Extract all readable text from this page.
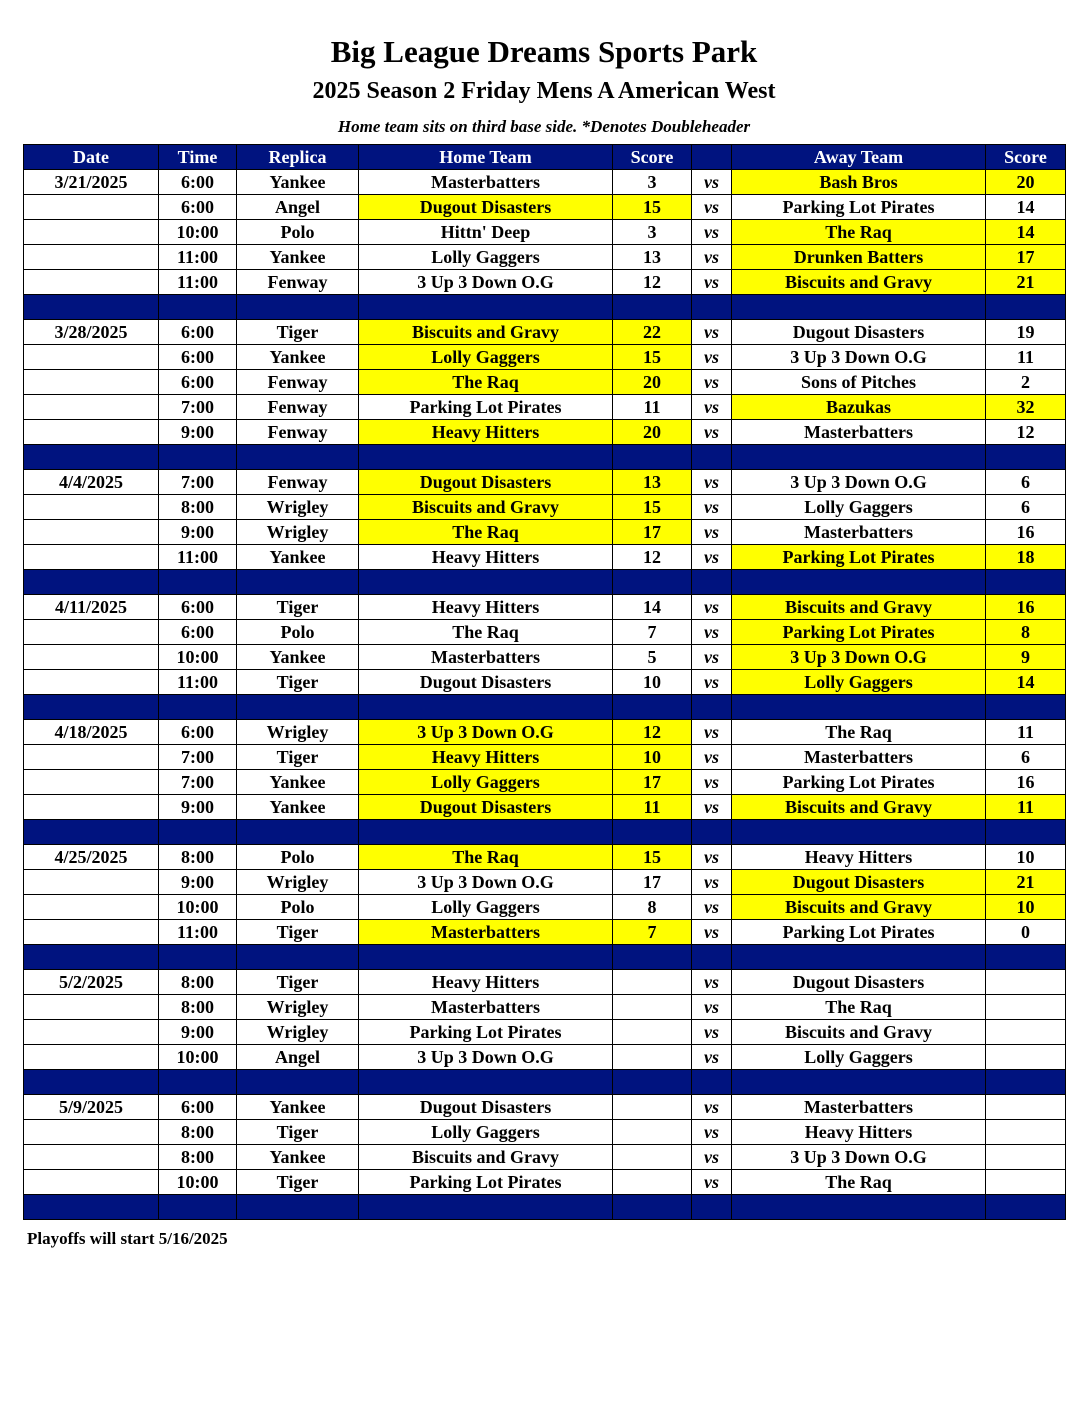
Big League Dreams Sports Park
2025 Season 2 Friday Mens A American West
Home team sits on third base side. *Denotes Doubleheader
Date	Time	Replica	Home Team	Score		Away Team	Score
3/21/2025	6:00	Yankee	Masterbatters	3	vs	Bash Bros	20
	6:00	Angel	Dugout Disasters	15	vs	Parking Lot Pirates	14
	10:00	Polo	Hittn' Deep	3	vs	The Raq	14
	11:00	Yankee	Lolly Gaggers	13	vs	Drunken Batters	17
	11:00	Fenway	3 Up 3 Down O.G	12	vs	Biscuits and Gravy	21

3/28/2025	6:00	Tiger	Biscuits and Gravy	22	vs	Dugout Disasters	19
	6:00	Yankee	Lolly Gaggers	15	vs	3 Up 3 Down O.G	11
	6:00	Fenway	The Raq	20	vs	Sons of Pitches	2
	7:00	Fenway	Parking Lot Pirates	11	vs	Bazukas	32
	9:00	Fenway	Heavy Hitters	20	vs	Masterbatters	12

4/4/2025	7:00	Fenway	Dugout Disasters	13	vs	3 Up 3 Down O.G	6
	8:00	Wrigley	Biscuits and Gravy	15	vs	Lolly Gaggers	6
	9:00	Wrigley	The Raq	17	vs	Masterbatters	16
	11:00	Yankee	Heavy Hitters	12	vs	Parking Lot Pirates	18

4/11/2025	6:00	Tiger	Heavy Hitters	14	vs	Biscuits and Gravy	16
	6:00	Polo	The Raq	7	vs	Parking Lot Pirates	8
	10:00	Yankee	Masterbatters	5	vs	3 Up 3 Down O.G	9
	11:00	Tiger	Dugout Disasters	10	vs	Lolly Gaggers	14

4/18/2025	6:00	Wrigley	3 Up 3 Down O.G	12	vs	The Raq	11
	7:00	Tiger	Heavy Hitters	10	vs	Masterbatters	6
	7:00	Yankee	Lolly Gaggers	17	vs	Parking Lot Pirates	16
	9:00	Yankee	Dugout Disasters	11	vs	Biscuits and Gravy	11

4/25/2025	8:00	Polo	The Raq	15	vs	Heavy Hitters	10
	9:00	Wrigley	3 Up 3 Down O.G	17	vs	Dugout Disasters	21
	10:00	Polo	Lolly Gaggers	8	vs	Biscuits and Gravy	10
	11:00	Tiger	Masterbatters	7	vs	Parking Lot Pirates	0

5/2/2025	8:00	Tiger	Heavy Hitters		vs	Dugout Disasters	
	8:00	Wrigley	Masterbatters		vs	The Raq	
	9:00	Wrigley	Parking Lot Pirates		vs	Biscuits and Gravy	
	10:00	Angel	3 Up 3 Down O.G		vs	Lolly Gaggers	

5/9/2025	6:00	Yankee	Dugout Disasters		vs	Masterbatters	
	8:00	Tiger	Lolly Gaggers		vs	Heavy Hitters	
	8:00	Yankee	Biscuits and Gravy		vs	3 Up 3 Down O.G	
	10:00	Tiger	Parking Lot Pirates		vs	The Raq	

Playoffs will start 5/16/2025
